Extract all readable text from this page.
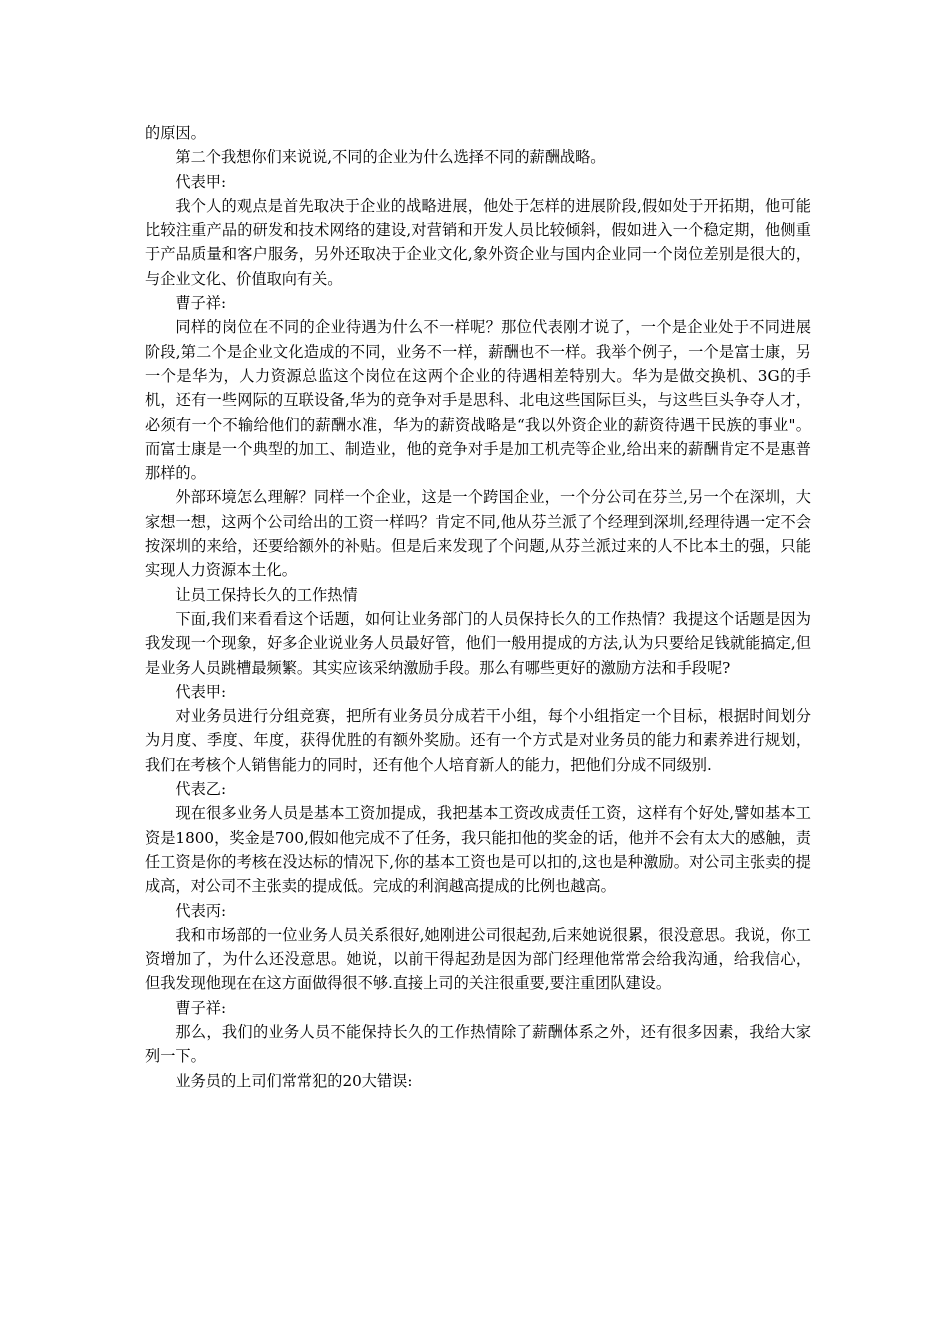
的原因。

第二个我想你们来说说,不同的企业为什么选择不同的薪酬战略。

代表甲:

我个人的观点是首先取决于企业的战略进展，他处于怎样的进展阶段,假如处于开拓期，他可能比较注重产品的研发和技术网络的建设,对营销和开发人员比较倾斜，假如进入一个稳定期，他侧重于产品质量和客户服务，另外还取决于企业文化,象外资企业与国内企业同一个岗位差别是很大的，与企业文化、价值取向有关。

曹子祥:

同样的岗位在不同的企业待遇为什么不一样呢？那位代表刚才说了，一个是企业处于不同进展阶段,第二个是企业文化造成的不同，业务不一样，薪酬也不一样。我举个例子，一个是富士康，另一个是华为，人力资源总监这个岗位在这两个企业的待遇相差特别大。华为是做交换机、3G的手机，还有一些网际的互联设备,华为的竞争对手是思科、北电这些国际巨头，与这些巨头争夺人才，必须有一个不输给他们的薪酬水准，华为的薪资战略是“我以外资企业的薪资待遇干民族的事业"。而富士康是一个典型的加工、制造业，他的竞争对手是加工机壳等企业,给出来的薪酬肯定不是惠普那样的。

外部环境怎么理解？同样一个企业，这是一个跨国企业，一个分公司在芬兰,另一个在深圳，大家想一想，这两个公司给出的工资一样吗？肯定不同,他从芬兰派了个经理到深圳,经理待遇一定不会按深圳的来给，还要给额外的补贴。但是后来发现了个问题,从芬兰派过来的人不比本土的强，只能实现人力资源本土化。

让员工保持长久的工作热情

下面,我们来看看这个话题，如何让业务部门的人员保持长久的工作热情？我提这个话题是因为我发现一个现象，好多企业说业务人员最好管，他们一般用提成的方法,认为只要给足钱就能搞定,但是业务人员跳槽最频繁。其实应该采纳激励手段。那么有哪些更好的激励方法和手段呢?

代表甲:

对业务员进行分组竞赛，把所有业务员分成若干小组，每个小组指定一个目标，根据时间划分为月度、季度、年度，获得优胜的有额外奖励。还有一个方式是对业务员的能力和素养进行规划，我们在考核个人销售能力的同时，还有他个人培育新人的能力，把他们分成不同级别.

代表乙:

现在很多业务人员是基本工资加提成，我把基本工资改成责任工资，这样有个好处,譬如基本工资是1800，奖金是700,假如他完成不了任务，我只能扣他的奖金的话，他并不会有太大的感触，责任工资是你的考核在没达标的情况下,你的基本工资也是可以扣的,这也是种激励。对公司主张卖的提成高，对公司不主张卖的提成低。完成的利润越高提成的比例也越高。

代表丙:

我和市场部的一位业务人员关系很好,她刚进公司很起劲,后来她说很累，很没意思。我说，你工资增加了，为什么还没意思。她说，以前干得起劲是因为部门经理他常常会给我沟通，给我信心，但我发现他现在在这方面做得很不够.直接上司的关注很重要,要注重团队建设。

曹子祥:

那么，我们的业务人员不能保持长久的工作热情除了薪酬体系之外，还有很多因素，我给大家列一下。

业务员的上司们常常犯的20大错误:
